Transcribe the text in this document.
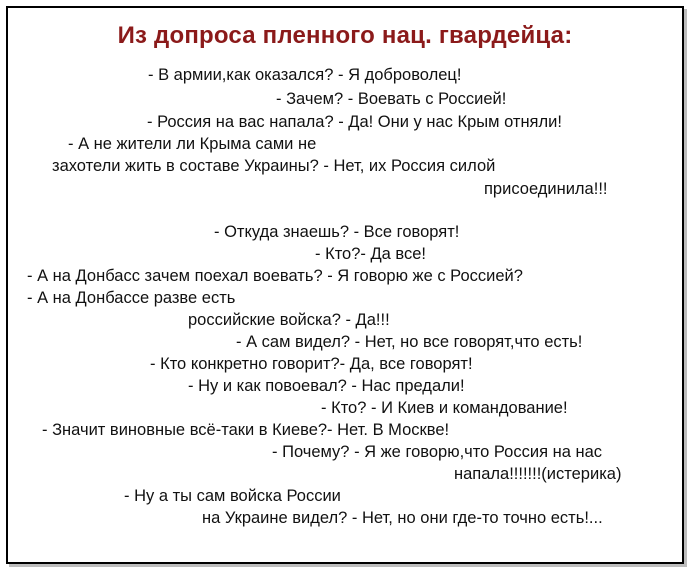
Из допроса пленного нац. гвардейца:
- В армии,как оказался? - Я доброволец!
- Зачем? - Воевать с Россией!
- Россия на вас напала? - Да! Они у нас Крым отняли!
- А не жители ли Крыма сами не
захотели жить в составе Украины? - Нет, их Россия силой
присоединила!!!
- Откуда знаешь? - Все говорят!
- Кто?- Да все!
- А на Донбасс зачем поехал воевать? - Я говорю же с Россией?
- А на Донбассе разве есть
российские войска? - Да!!!
- А сам видел? - Нет, но все говорят,что есть!
- Кто конкретно говорит?- Да, все говорят!
- Ну и как повоевал? - Нас предали!
- Кто? - И Киев и командование!
- Значит виновные всё-таки в Киеве?- Нет. В Москве!
- Почему? - Я же говорю,что Россия на нас
напала!!!!!!!(истерика)
- Ну а ты сам войска России
на Украине видел? - Нет, но они где-то точно есть!...
